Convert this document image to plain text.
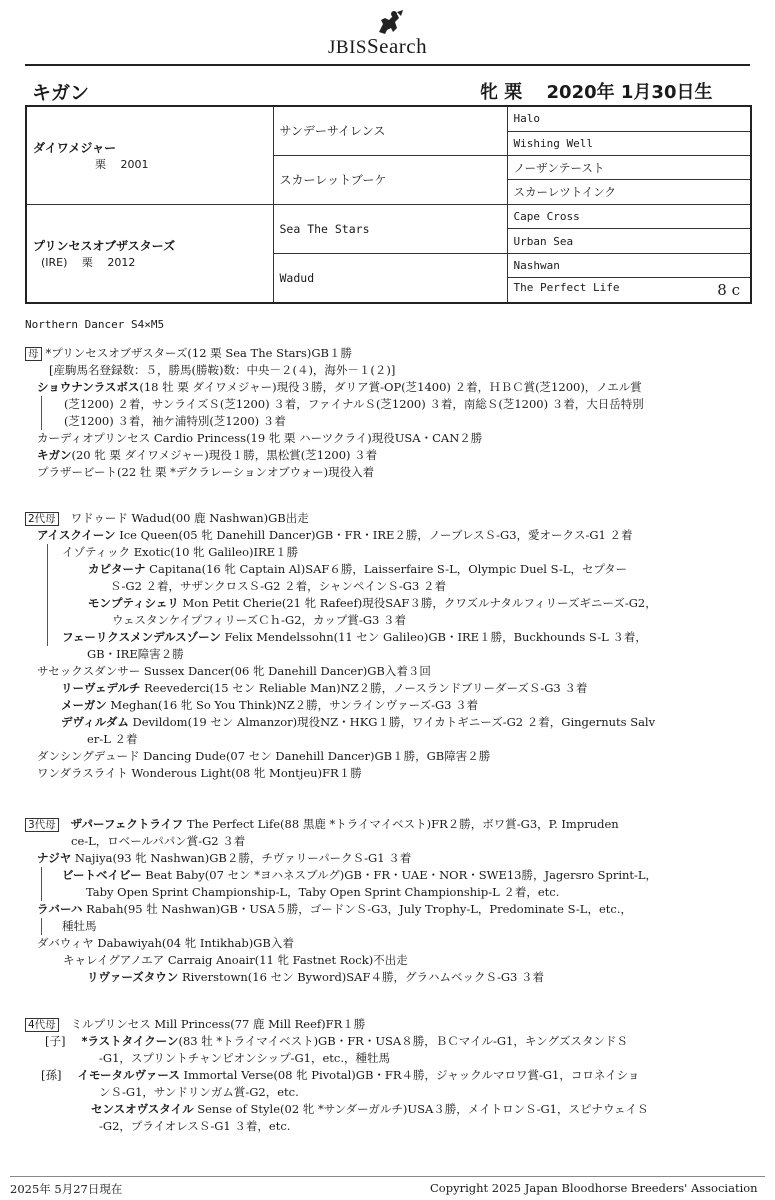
JBISSearch
キガン	牝 栗　 2020年 1月30日生
ダイワメジャー
栗　 2001	サンデーサイレンス	Halo
		Wishing Well
	スカーレットブーケ	ノーザンテースト
		スカーレツトインク

プリンセスオブザスターズ
(IRE)　 栗　 2012	Sea The Stars	Cape Cross
		Urban Sea
	Wadud	Nashwan
		The Perfect Life 8 c
Northern Dancer S4×M5
母 *プリンセスオブザスターズ(12 栗 Sea The Stars)GB１勝
[産駒馬名登録数：５，勝馬(勝鞍)数：中央－２(４)，海外－１(２)]
ショウナンラスボス(18 牡 栗 ダイワメジャー)現役３勝，ダリア賞-OP(芝1400) ２着，ＨＢＣ賞(芝1200)，ノエル賞
(芝1200) ２着，サンライズＳ(芝1200) ３着，ファイナルＳ(芝1200) ３着，南総Ｓ(芝1200) ３着，大日岳特別
(芝1200) ３着，袖ケ浦特別(芝1200) ３着
カーディオプリンセス Cardio Princess(19 牝 栗 ハーツクライ)現役USA・CAN２勝
キガン(20 牝 栗 ダイワメジャー)現役１勝，黒松賞(芝1200) ３着
プラザービート(22 牡 栗 *デクラレーションオブウォー)現役入着
2代母 ワドゥード Wadud(00 鹿 Nashwan)GB出走
アイスクイーン Ice Queen(05 牝 Danehill Dancer)GB・FR・IRE２勝，ノーブレスＳ-G3，愛オークス-G1 ２着
イゾティック Exotic(10 牝 Galileo)IRE１勝
カピターナ Capitana(16 牝 Captain Al)SAF６勝，Laisserfaire S-L，Olympic Duel S-L，セプター
Ｓ-G2 ２着，サザンクロスＳ-G2 ２着，シャンペインＳ-G3 ２着
モンプティシェリ Mon Petit Cherie(21 牝 Rafeef)現役SAF３勝，クワズルナタルフィリーズギニーズ-G2，
ウェスタンケイプフィリーズＣｈ-G2，カップ賞-G3 ３着
フェーリクスメンデルスゾーン Felix Mendelssohn(11 セン Galileo)GB・IRE１勝，Buckhounds S-L ３着，
GB・IRE障害２勝
サセックスダンサー Sussex Dancer(06 牝 Danehill Dancer)GB入着３回
リーヴェデルチ Reevederci(15 セン Reliable Man)NZ２勝，ノースランドブリーダーズＳ-G3 ３着
メーガン Meghan(16 牝 So You Think)NZ２勝，サンラインヴァーズ-G3 ３着
デヴィルダム Devildom(19 セン Almanzor)現役NZ・HKG１勝，ワイカトギニーズ-G2 ２着，Gingernuts Salv
er-L ２着
ダンシングデュード Dancing Dude(07 セン Danehill Dancer)GB１勝，GB障害２勝
ワンダラスライト Wonderous Light(08 牝 Montjeu)FR１勝
3代母 ザパーフェクトライフ The Perfect Life(88 黒鹿 *トライマイベスト)FR２勝，ボワ賞-G3，P. Impruden
ce-L，ロベールパパン賞-G2 ３着
ナジヤ Najiya(93 牝 Nashwan)GB２勝，チヴァリーパークＳ-G1 ３着
ビートベイビー Beat Baby(07 セン *ヨハネスブルグ)GB・FR・UAE・NOR・SWE13勝，Jagersro Sprint-L，
Taby Open Sprint Championship-L，Taby Open Sprint Championship-L ２着，etc.
ラバーハ Rabah(95 牡 Nashwan)GB・USA５勝，ゴードンＳ-G3，July Trophy-L，Predominate S-L，etc.，
種牡馬
ダバウィヤ Dabawiyah(04 牝 Intikhab)GB入着
キャレイグアノエア Carraig Anoair(11 牝 Fastnet Rock)不出走
リヴァーズタウン Riverstown(16 セン Byword)SAF４勝，グラハムベックＳ-G3 ３着
4代母 ミルプリンセス Mill Princess(77 鹿 Mill Reef)FR１勝
[子] *ラストタイクーン(83 牡 *トライマイベスト)GB・FR・USA８勝，ＢＣマイル-G1，キングズスタンドＳ
-G1，スプリントチャンピオンシップ-G1，etc.，種牡馬
[孫] イモータルヴァース Immortal Verse(08 牝 Pivotal)GB・FR４勝，ジャックルマロワ賞-G1，コロネイショ
ンＳ-G1，サンドリンガム賞-G2，etc.
センスオヴスタイル Sense of Style(02 牝 *サンダーガルチ)USA３勝，メイトロンＳ-G1，スピナウェイＳ
-G2，プライオレスＳ-G1 ３着，etc.
2025年 5月27日現在	Copyright 2025 Japan Bloodhorse Breeders' Association
